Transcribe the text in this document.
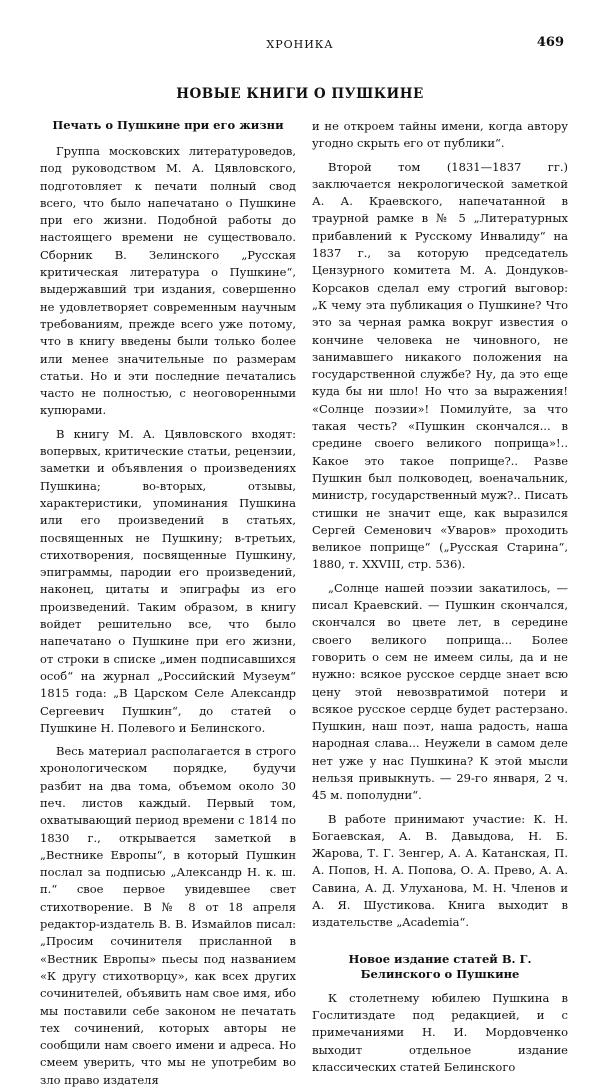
ХРОНИКА	469
НОВЫЕ КНИГИ О ПУШКИНЕ
Печать о Пушкине при его жизни

Группа московских литературоведов, под руководством М. А. Цявловского, подготовляет к печати полный свод всего, что было напечатано о Пушкине при его жизни. Подобной работы до настоящего времени не существовало. Сборник В. Зелинского „Русская критическая литература о Пушкине“, выдержавший три издания, совершенно не удовлетворяет современным научным требованиям, прежде всего уже потому, что в книгу введены были только более или менее значительные по размерам статьи. Но и эти последние печатались часто не полностью, с неоговоренными купюрами.

В книгу М. А. Цявловского входят: вопервых, критические статьи, рецензии, заметки и объявления о произведениях Пушкина; во-вторых, отзывы, характеристики, упоминания Пушкина или его произведений в статьях, посвященных не Пушкину; в-третьих, стихотворения, посвященные Пушкину, эпиграммы, пародии его произведений, наконец, цитаты и эпиграфы из его произведений. Таким образом, в книгу войдет решительно все, что было напечатано о Пушкине при его жизни, от строки в списке „имен подписавшихся особ“ на журнал „Российский Музеум“ 1815 года: „В Царском Селе Александр Сергеевич Пушкин“, до статей о Пушкине Н. Полевого и Белинского.

Весь материал располагается в строго хронологическом порядке, будучи разбит на два тома, объемом около 30 печ. листов каждый. Первый том, охватывающий период времени с 1814 по 1830 г., открывается заметкой в „Вестнике Европы“, в который Пушкин послал за подписью „Александр Н. к. ш. п.“ свое первое увидевшее свет стихотворение. В № 8 от 18 апреля редактор-издатель В. В. Измайлов писал: „Просим сочинителя присланной в «Вестник Европы» пьесы под названием «К другу стихотворцу», как всех других сочинителей, объявить нам свое имя, ибо мы поставили себе законом не печатать тех сочинений, которых авторы не сообщили нам своего имени и адреса. Но смеем уверить, что мы не употребим во зло право издателя

и не откроем тайны имени, когда автору угодно скрыть его от публики“.

Второй том (1831—1837 гг.) заключается некрологической заметкой А. А. Краевского, напечатанной в траурной рамке в № 5 „Литературных прибавлений к Русскому Инвалиду“ на 1837 г., за которую председатель Цензурного комитета М. А. Дондуков-Корсаков сделал ему строгий выговор: „К чему эта публикация о Пушкине? Что это за черная рамка вокруг известия о кончине человека не чиновного, не занимавшего никакого положения на государственной службе? Ну, да это еще куда бы ни шло! Но что за выражения! «Солнце поэзии»! Помилуйте, за что такая честь? «Пушкин скончался... в средине своего великого поприща»!.. Какое это такое поприще?.. Разве Пушкин был полководец, военачальник, министр, государственный муж?.. Писать стишки не значит еще, как выразился Сергей Семенович «Уваров» проходить великое поприще“ („Русская Старина“, 1880, т. XXVIII, стр. 536).

„Солнце нашей поэзии закатилось, — писал Краевский. — Пушкин скончался, скончался во цвете лет, в середине своего великого поприща... Более говорить о сем не имеем силы, да и не нужно: всякое русское сердце знает всю цену этой невозвратимой потери и всякое русское сердце будет растерзано. Пушкин, наш поэт, наша радость, наша народная слава... Неужели в самом деле нет уже у нас Пушкина? К этой мысли нельзя привыкнуть. — 29-го января, 2 ч. 45 м. пополудни“.

В работе принимают участие: К. Н. Богаевская, А. В. Давыдова, Н. Б. Жарова, Т. Г. Зенгер, А. А. Катанская, П. А. Попов, Н. А. Попова, О. А. Прево, А. А. Савина, А. Д. Улуханова, М. Н. Членов и А. Я. Шустикова. Книга выходит в издательстве „Academia“.

Новое издание статей В. Г. Белинского о Пушкине

К столетнему юбилею Пушкина в Гослитиздате под редакцией, и с примечаниями Н. И. Мордовченко выходит отдельное издание классических статей Белинского
